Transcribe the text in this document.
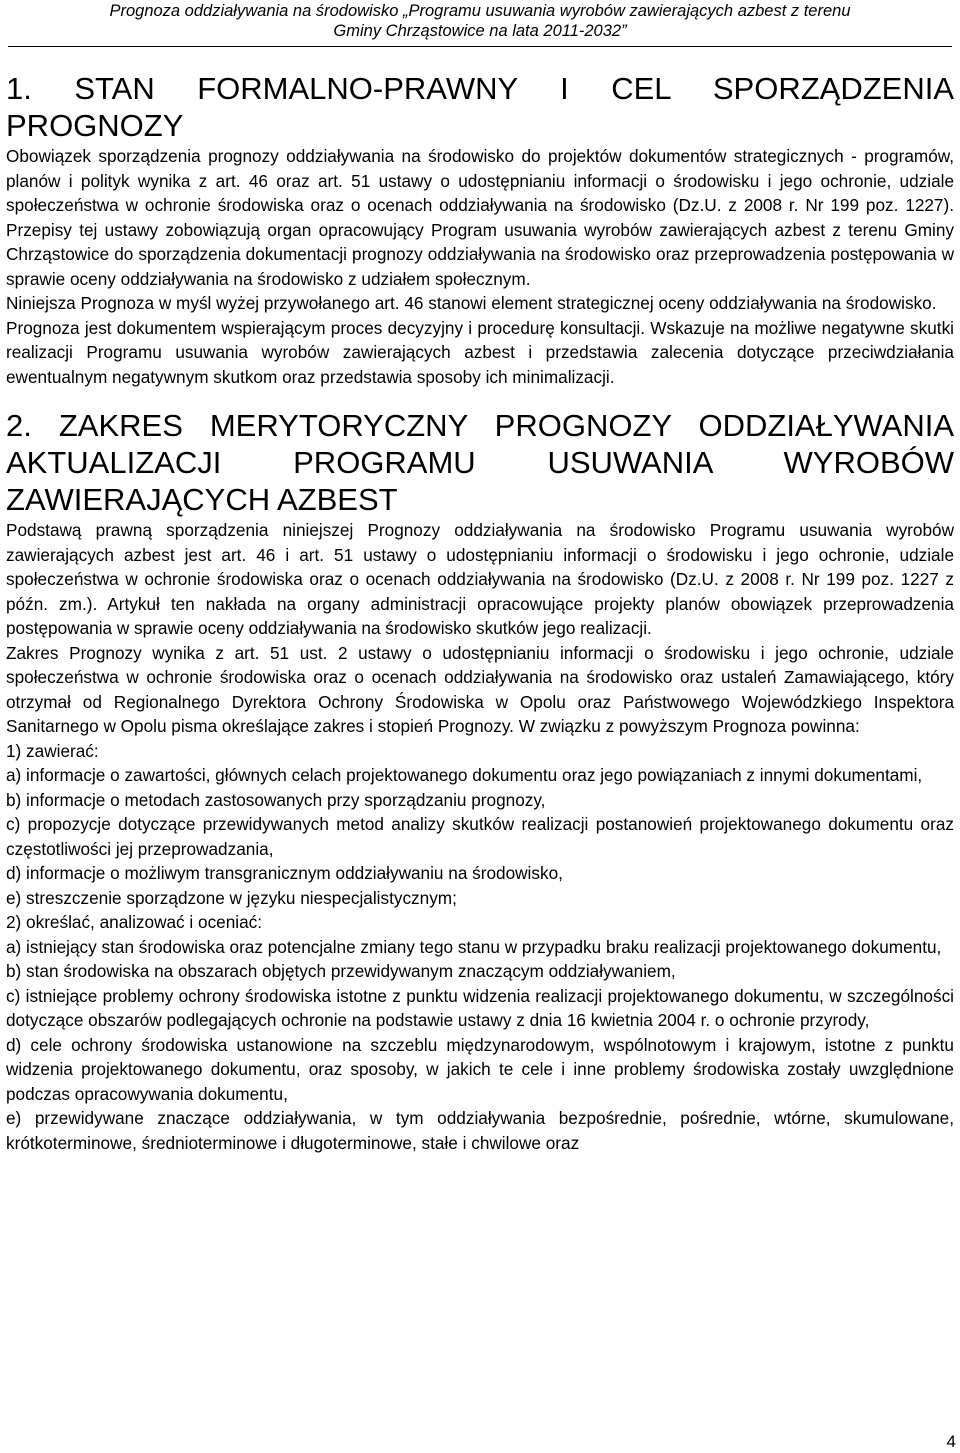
Prognoza oddziaływania na środowisko „Programu usuwania wyrobów zawierających azbest z terenu
Gminy Chrząstowice na lata 2011-2032”
1. STAN FORMALNO-PRAWNY I CEL SPORZĄDZENIA PROGNOZY

Obowiązek sporządzenia prognozy oddziaływania na środowisko do projektów dokumentów strategicznych - programów, planów i polityk wynika z art. 46 oraz art. 51 ustawy o udostępnianiu informacji o środowisku i jego ochronie, udziale społeczeństwa w ochronie środowiska oraz o ocenach oddziaływania na środowisko (Dz.U. z 2008 r. Nr 199 poz. 1227). Przepisy tej ustawy zobowiązują organ opracowujący Program usuwania wyrobów zawierających azbest z terenu Gminy Chrząstowice do sporządzenia dokumentacji prognozy oddziaływania na środowisko oraz przeprowadzenia postępowania w sprawie oceny oddziaływania na środowisko z udziałem społecznym.

Niniejsza Prognoza w myśl wyżej przywołanego art. 46 stanowi element strategicznej oceny oddziaływania na środowisko.

Prognoza jest dokumentem wspierającym proces decyzyjny i procedurę konsultacji. Wskazuje na możliwe negatywne skutki realizacji Programu usuwania wyrobów zawierających azbest i przedstawia zalecenia dotyczące przeciwdziałania ewentualnym negatywnym skutkom oraz przedstawia sposoby ich minimalizacji.

2. ZAKRES MERYTORYCZNY PROGNOZY ODDZIAŁYWANIA AKTUALIZACJI PROGRAMU USUWANIA WYROBÓW ZAWIERAJĄCYCH AZBEST

Podstawą prawną sporządzenia niniejszej Prognozy oddziaływania na środowisko Programu usuwania wyrobów zawierających azbest jest art. 46 i art. 51 ustawy o udostępnianiu informacji o środowisku i jego ochronie, udziale społeczeństwa w ochronie środowiska oraz o ocenach oddziaływania na środowisko (Dz.U. z 2008 r. Nr 199 poz. 1227 z późn. zm.). Artykuł ten nakłada na organy administracji opracowujące projekty planów obowiązek przeprowadzenia postępowania w sprawie oceny oddziaływania na środowisko skutków jego realizacji.

Zakres Prognozy wynika z art. 51 ust. 2 ustawy o udostępnianiu informacji o środowisku i jego ochronie, udziale społeczeństwa w ochronie środowiska oraz o ocenach oddziaływania na środowisko oraz ustaleń Zamawiającego, który otrzymał od Regionalnego Dyrektora Ochrony Środowiska w Opolu oraz Państwowego Wojewódzkiego Inspektora Sanitarnego w Opolu pisma określające zakres i stopień Prognozy. W związku z powyższym Prognoza powinna:

1) zawierać:

a) informacje o zawartości, głównych celach projektowanego dokumentu oraz jego powiązaniach z innymi dokumentami,

b) informacje o metodach zastosowanych przy sporządzaniu prognozy,

c) propozycje dotyczące przewidywanych metod analizy skutków realizacji postanowień projektowanego dokumentu oraz częstotliwości jej przeprowadzania,

d) informacje o możliwym transgranicznym oddziaływaniu na środowisko,

e) streszczenie sporządzone w języku niespecjalistycznym;

2) określać, analizować i oceniać:

a) istniejący stan środowiska oraz potencjalne zmiany tego stanu w przypadku braku realizacji projektowanego dokumentu,

b) stan środowiska na obszarach objętych przewidywanym znaczącym oddziaływaniem,

c) istniejące problemy ochrony środowiska istotne z punktu widzenia realizacji projektowanego dokumentu, w szczególności dotyczące obszarów podlegających ochronie na podstawie ustawy z dnia 16 kwietnia 2004 r. o ochronie przyrody,

d) cele ochrony środowiska ustanowione na szczeblu międzynarodowym, wspólnotowym i krajowym, istotne z punktu widzenia projektowanego dokumentu, oraz sposoby, w jakich te cele i inne problemy środowiska zostały uwzględnione podczas opracowywania dokumentu,

e) przewidywane znaczące oddziaływania, w tym oddziaływania bezpośrednie, pośrednie, wtórne, skumulowane, krótkoterminowe, średnioterminowe i długoterminowe, stałe i chwilowe oraz

4
